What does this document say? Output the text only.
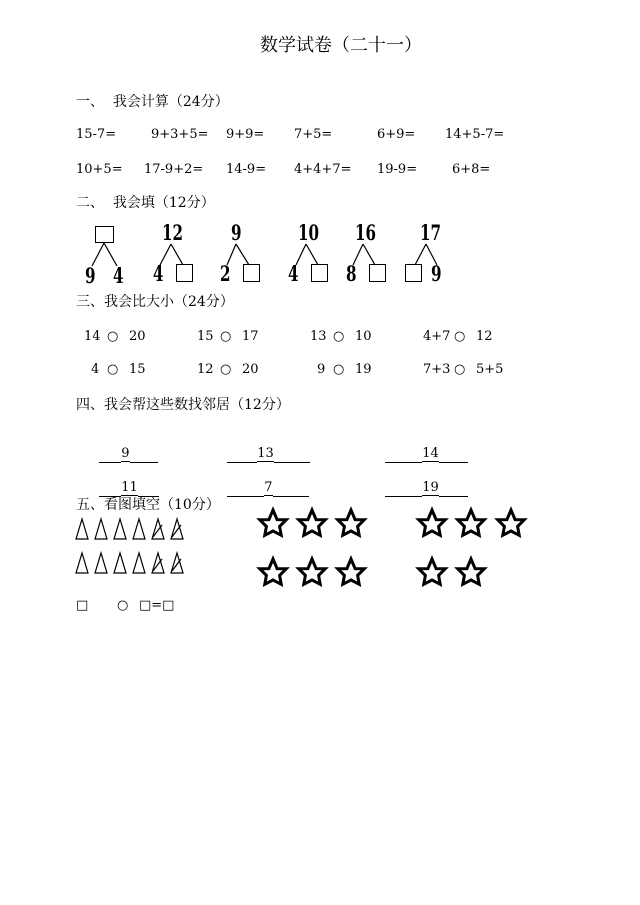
数学试卷（二十一）
一、  我会计算（24分）
15-7=	9+3+5= 9+9= 7+5=	6+9= 14+5-7=
10+5= 17-9+2= 14-9= 4+4+7= 19-9=	6+8=
二、  我会填（12分）
9 4
12
4
9
2
10
4
16
8
17
9
三、我会比大小（24分）
14 ○ 20	15 ○ 17	13 ○ 10	4+7 ○ 12
4 ○ 15	12 ○ 20	9 ○ 19	7+3 ○ 5+5
四、我会帮这些数找邻居（12分）

9	13	14

11	7	19

五、看图填空（10分）
□ ○ □=□
